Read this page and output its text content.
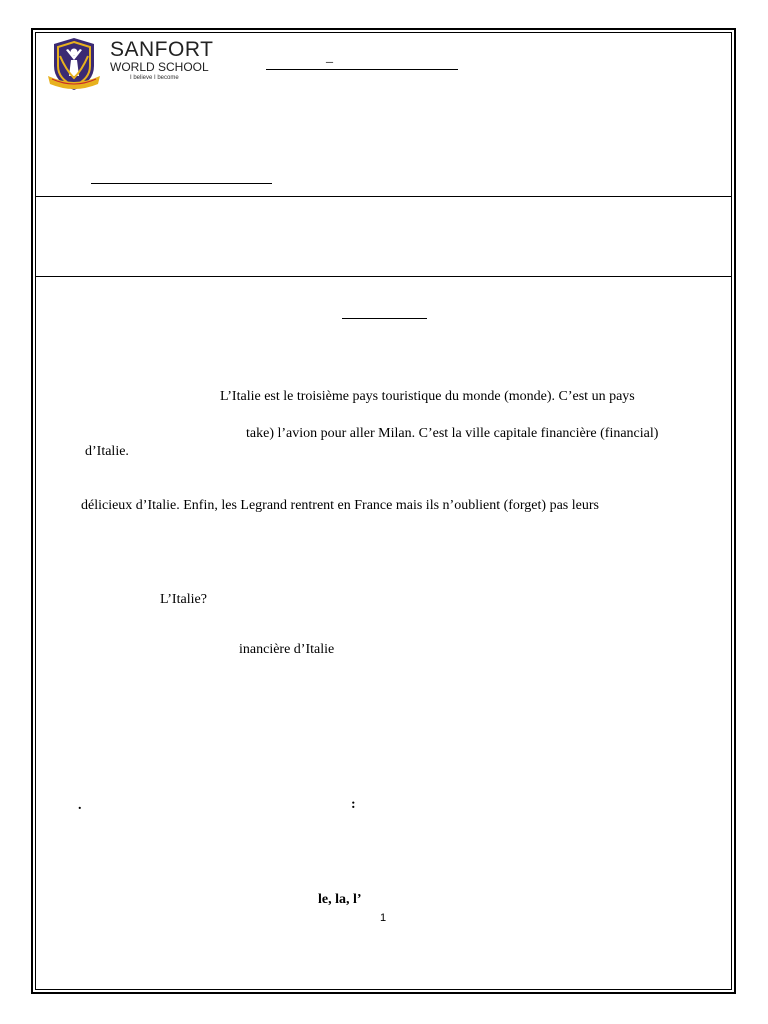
SANFORT
WORLD SCHOOL
I believe I become
_
L’Italie est le troisième pays touristique du monde (monde). C’est un pays
take) l’avion pour aller Milan. C’est la ville capitale financière (financial)
d’Italie.
délicieux d’Italie. Enfin, les Legrand rentrent en France mais ils n’oublient (forget) pas leurs
L’Italie?
inancière d’Italie
.	:
le, la, l’
1
